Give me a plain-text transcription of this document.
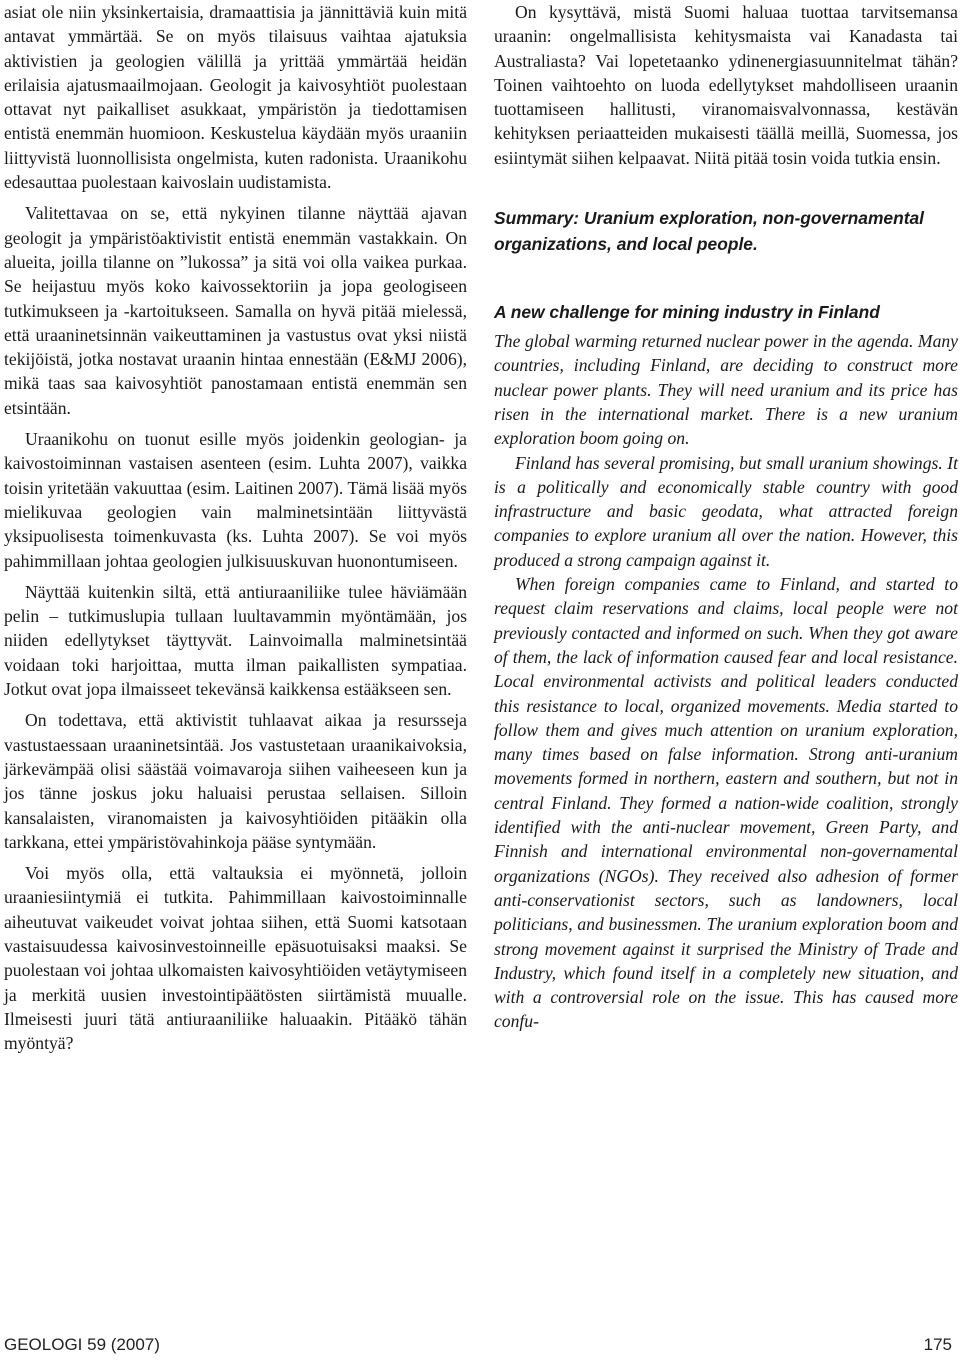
asiat ole niin yksinkertaisia, dramaattisia ja jännittäviä kuin mitä antavat ymmärtää. Se on myös tilaisuus vaihtaa ajatuksia aktivistien ja geologien välillä ja yrittää ymmärtää heidän erilaisia ajatusmaailmojaan. Geologit ja kaivosyhtiöt puolestaan ottavat nyt paikalliset asukkaat, ympäristön ja tiedottamisen entistä enemmän huomioon. Keskustelua käydään myös uraaniin liittyvistä luonnollisista ongelmista, kuten radonista. Uraanikohu edesauttaa puolestaan kaivoslain uudistamista.

Valitettavaa on se, että nykyinen tilanne näyttää ajavan geologit ja ympäristöaktivistit entistä enemmän vastakkain. On alueita, joilla tilanne on ”lukossa” ja sitä voi olla vaikea purkaa. Se heijastuu myös koko kaivossektoriin ja jopa geologiseen tutkimukseen ja -kartoitukseen. Samalla on hyvä pitää mielessä, että uraaninetsinnän vaikeuttaminen ja vastustus ovat yksi niistä tekijöistä, jotka nostavat uraanin hintaa ennestään (E&MJ 2006), mikä taas saa kaivosyhtiöt panostamaan entistä enemmän sen etsintään.

Uraanikohu on tuonut esille myös joidenkin geologian- ja kaivostoiminnan vastaisen asenteen (esim. Luhta 2007), vaikka toisin yritetään vakuuttaa (esim. Laitinen 2007). Tämä lisää myös mielikuvaa geologien vain malminetsintään liittyvästä yksipuolisesta toimenkuvasta (ks. Luhta 2007). Se voi myös pahimmillaan johtaa geologien julkisuuskuvan huonontumiseen.

Näyttää kuitenkin siltä, että antiuraaniliike tulee häviämään pelin – tutkimuslupia tullaan luultavammin myöntämään, jos niiden edellytykset täyttyvät. Lainvoimalla malminetsintää voidaan toki harjoittaa, mutta ilman paikallisten sympatiaa. Jotkut ovat jopa ilmaisseet tekevänsä kaikkensa estääkseen sen.

On todettava, että aktivistit tuhlaavat aikaa ja resursseja vastustaessaan uraaninetsintää. Jos vastustetaan uraanikaivoksia, järkevämpää olisi säästää voimavaroja siihen vaiheeseen kun ja jos tänne joskus joku haluaisi perustaa sellaisen. Silloin kansalaisten, viranomaisten ja kaivosyhtiöiden pitääkin olla tarkkana, ettei ympäristövahinkoja pääse syntymään.

Voi myös olla, että valtauksia ei myönnetä, jolloin uraaniesiintymiä ei tutkita. Pahimmillaan kaivostoiminnalle aiheutuvat vaikeudet voivat johtaa siihen, että Suomi katsotaan vastaisuudessa kaivosinvestoinneille epäsuotuisaksi maaksi. Se puolestaan voi johtaa ulkomaisten kaivosyhtiöiden vetäytymiseen ja merkitä uusien investointipäätösten siirtämistä muualle. Ilmeisesti juuri tätä antiuraaniliike haluaakin. Pitääkö tähän myöntyä?

On kysyttävä, mistä Suomi haluaa tuottaa tarvitsemansa uraanin: ongelmallisista kehitysmaista vai Kanadasta tai Australiasta? Vai lopetetaanko ydinenergiasuunnitelmat tähän? Toinen vaihtoehto on luoda edellytykset mahdolliseen uraanin tuottamiseen hallitusti, viranomaisvalvonnassa, kestävän kehityksen periaatteiden mukaisesti täällä meillä, Suomessa, jos esiintymät siihen kelpaavat. Niitä pitää tosin voida tutkia ensin.

Summary: Uranium exploration, non-governamental organizations, and local people.

A new challenge for mining industry in Finland

The global warming returned nuclear power in the agenda. Many countries, including Finland, are deciding to construct more nuclear power plants. They will need uranium and its price has risen in the international market. There is a new uranium exploration boom going on.

Finland has several promising, but small uranium showings. It is a politically and economically stable country with good infrastructure and basic geodata, what attracted foreign companies to explore uranium all over the nation. However, this produced a strong campaign against it.

When foreign companies came to Finland, and started to request claim reservations and claims, local people were not previously contacted and informed on such. When they got aware of them, the lack of information caused fear and local resistance. Local environmental activists and political leaders conducted this resistance to local, organized movements. Media started to follow them and gives much attention on uranium exploration, many times based on false information. Strong anti-uranium movements formed in northern, eastern and southern, but not in central Finland. They formed a nation-wide coalition, strongly identified with the anti-nuclear movement, Green Party, and Finnish and international environmental non-governamental organizations (NGOs). They received also adhesion of former anti-conservationist sectors, such as landowners, local politicians, and businessmen. The uranium exploration boom and strong movement against it surprised the Ministry of Trade and Industry, which found itself in a completely new situation, and with a controversial role on the issue. This has caused more confu-

GEOLOGI 59 (2007)	175
